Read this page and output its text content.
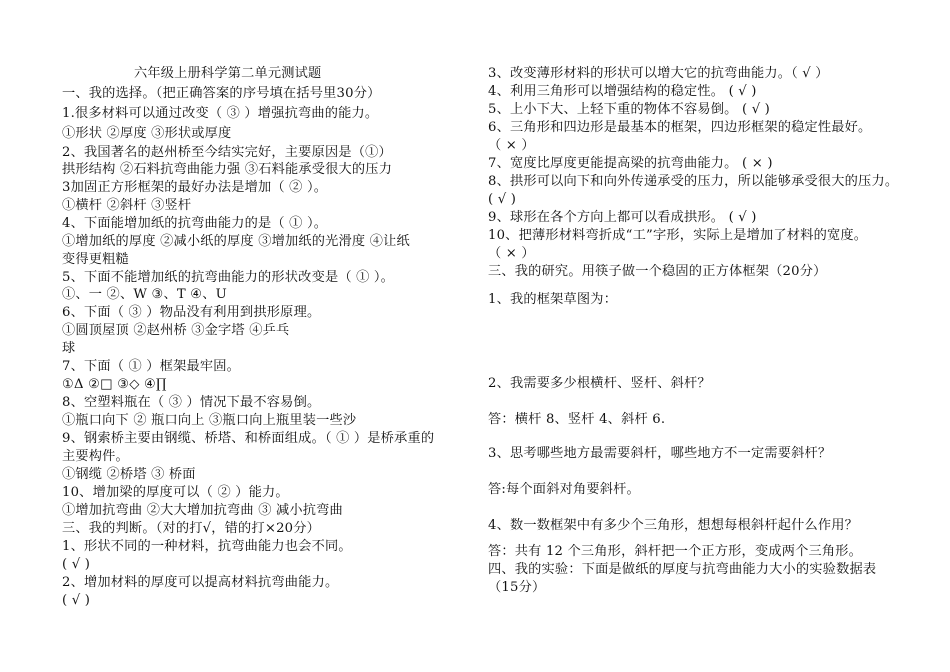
六年级上册科学第二单元测试题
一、我的选择。（把正确答案的序号填在括号里30分）
1.很多材料可以通过改变（ ③ ）增强抗弯曲的能力。
①形状 ②厚度 ③形状或厚度
2、我国著名的赵州桥至今结实完好，主要原因是（①）
拱形结构 ②石料抗弯曲能力强 ③石料能承受很大的压力
3加固正方形框架的最好办法是增加（ ② ）。
①横杆 ②斜杆 ③竖杆
4、下面能增加纸的抗弯曲能力的是（ ① ）。
①增加纸的厚度 ②减小纸的厚度 ③增加纸的光滑度 ④让纸
变得更粗糙
5、下面不能增加纸的抗弯曲能力的形状改变是（ ① ）。
①、一 ②、W ③、T ④、U
6、下面（ ③ ）物品没有利用到拱形原理。
①圆顶屋顶 ②赵州桥 ③金字塔 ④乒乓
球
7、下面（ ① ）框架最牢固。
①Δ ②□ ③◇ ④∏
8、空塑料瓶在（ ③ ）情况下最不容易倒。
①瓶口向下 ② 瓶口向上 ③瓶口向上瓶里装一些沙
9、钢索桥主要由钢缆、桥塔、和桥面组成。（ ① ）是桥承重的
主要构件。
①钢缆 ②桥塔 ③ 桥面
10、增加梁的厚度可以（ ② ）能力。
①增加抗弯曲 ②大大增加抗弯曲 ③ 减小抗弯曲
三、我的判断。（对的打√，错的打×20分）
1、形状不同的一种材料，抗弯曲能力也会不同。
( √ )
2、增加材料的厚度可以提高材料抗弯曲能力。
( √ )
3、改变薄形材料的形状可以增大它的抗弯曲能力。（ √ ）
4、利用三角形可以增强结构的稳定性。 ( √ )
5、上小下大、上轻下重的物体不容易倒。 ( √ )
6、三角形和四边形是最基本的框架，四边形框架的稳定性最好。
（ × ）
7、宽度比厚度更能提高梁的抗弯曲能力。 ( × )
8、拱形可以向下和向外传递承受的压力，所以能够承受很大的压力。
( √ )
9、球形在各个方向上都可以看成拱形。 ( √ )
10、把薄形材料弯折成“工”字形，实际上是增加了材料的宽度。
（ × ）
三、我的研究。用筷子做一个稳固的正方体框架（20分）
1、我的框架草图为：
2、我需要多少根横杆、竖杆、斜杆？
答：横杆 8、竖杆 4、斜杆 6.
3、思考哪些地方最需要斜杆，哪些地方不一定需要斜杆？
答:每个面斜对角要斜杆。
4、数一数框架中有多少个三角形，想想每根斜杆起什么作用？
答：共有 12 个三角形，斜杆把一个正方形，变成两个三角形。
四、我的实验：下面是做纸的厚度与抗弯曲能力大小的实验数据表
（15分）
